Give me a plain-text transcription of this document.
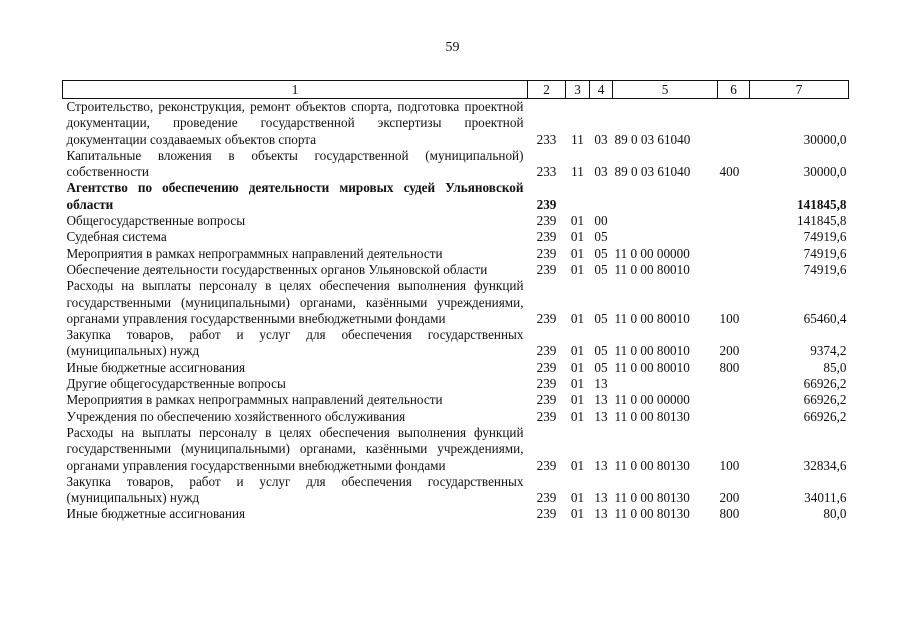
59
1	2	3	4	5	6	7
Строительство, реконструкция, ремонт объектов спорта, подготовка проектной документации, проведение государственной экспертизы проектной документации создаваемых объектов спорта	233	11	03	89 0 03 61040		30000,0
Капитальные вложения в объекты государственной (муниципальной) собственности	233	11	03	89 0 03 61040	400	30000,0
Агентство по обеспечению деятельности мировых судей Ульяновской области	239					141845,8
Общегосударственные вопросы	239	01	00			141845,8
Судебная система	239	01	05			74919,6
Мероприятия в рамках непрограммных направлений деятельности	239	01	05	11 0 00 00000		74919,6
Обеспечение деятельности государственных органов Ульяновской области	239	01	05	11 0 00 80010		74919,6
Расходы на выплаты персоналу в целях обеспечения выполнения функций государственными (муниципальными) органами, казёнными учреждениями, органами управления государственными внебюджетными фондами	239	01	05	11 0 00 80010	100	65460,4
Закупка товаров, работ и услуг для обеспечения государственных (муниципальных) нужд	239	01	05	11 0 00 80010	200	9374,2
Иные бюджетные ассигнования	239	01	05	11 0 00 80010	800	85,0
Другие общегосударственные вопросы	239	01	13			66926,2
Мероприятия в рамках непрограммных направлений деятельности	239	01	13	11 0 00 00000		66926,2
Учреждения по обеспечению хозяйственного обслуживания	239	01	13	11 0 00 80130		66926,2
Расходы на выплаты персоналу в целях обеспечения выполнения функций государственными (муниципальными) органами, казёнными учреждениями, органами управления государственными внебюджетными фондами	239	01	13	11 0 00 80130	100	32834,6
Закупка товаров, работ и услуг для обеспечения государственных (муниципальных) нужд	239	01	13	11 0 00 80130	200	34011,6
Иные бюджетные ассигнования	239	01	13	11 0 00 80130	800	80,0
